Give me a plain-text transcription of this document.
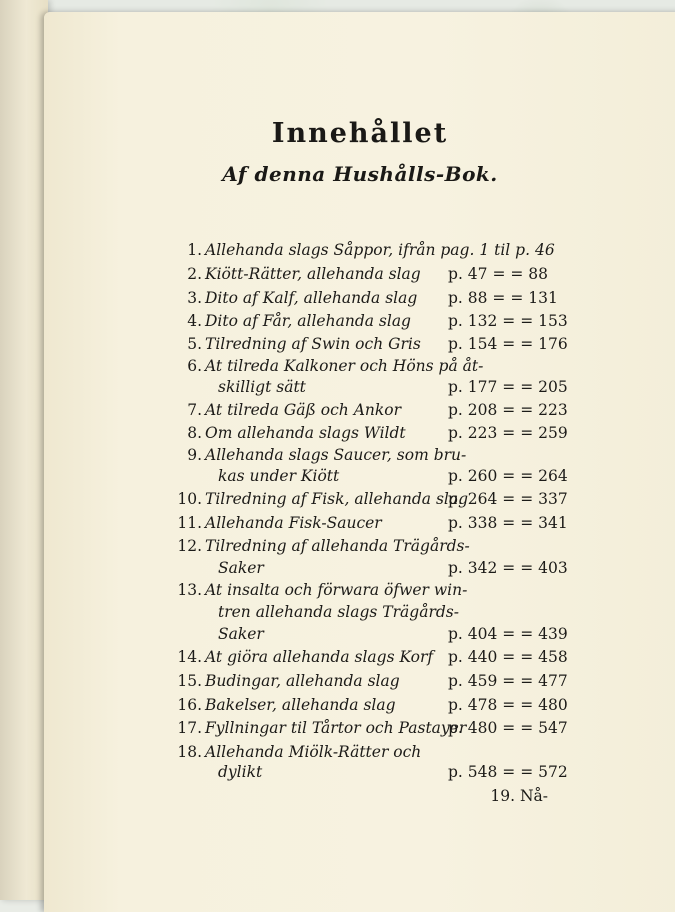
Innehållet
Af denna Hushålls-Bok.
1. Allehanda slags Såppor, ifrån pag. 1 til p. 46
2. Kiött-Rätter, allehanda slag p. 47 = = 88
3. Dito af Kalf, allehanda slag p. 88 = = 131
4. Dito af Får, allehanda slag p. 132 = = 153
5. Tilredning af Swin och Gris p. 154 = = 176
6. At tilreda Kalkoner och Höns på åt-
skilligt sätt	p. 177 = = 205
7. At tilreda Gäß och Ankor	p. 208 = = 223
8. Om allehanda slags Wildt	p. 223 = = 259
9. Allehanda slags Saucer, som bru-
kas under Kiött	p. 260 = = 264
10. Tilredning af Fisk, allehanda slag
p. 264 = = 337
11. Allehanda Fisk-Saucer	p. 338 = = 341
12. Tilredning af allehanda Trägårds-
Saker	p. 342 = = 403
13. At insalta och förwara öfwer win-
tren allehanda slags Trägårds-
Saker	p. 404 = = 439
14. At giöra allehanda slags Korf p. 440 = = 458
15. Budingar, allehanda slag	p. 459 = = 477
16. Bakelser, allehanda slag	p. 478 = = 480
17. Fyllningar til Tårtor och Pastayer
p. 480 = = 547
18. Allehanda Miölk-Rätter och
dylikt	p. 548 = = 572
19. Nå-
